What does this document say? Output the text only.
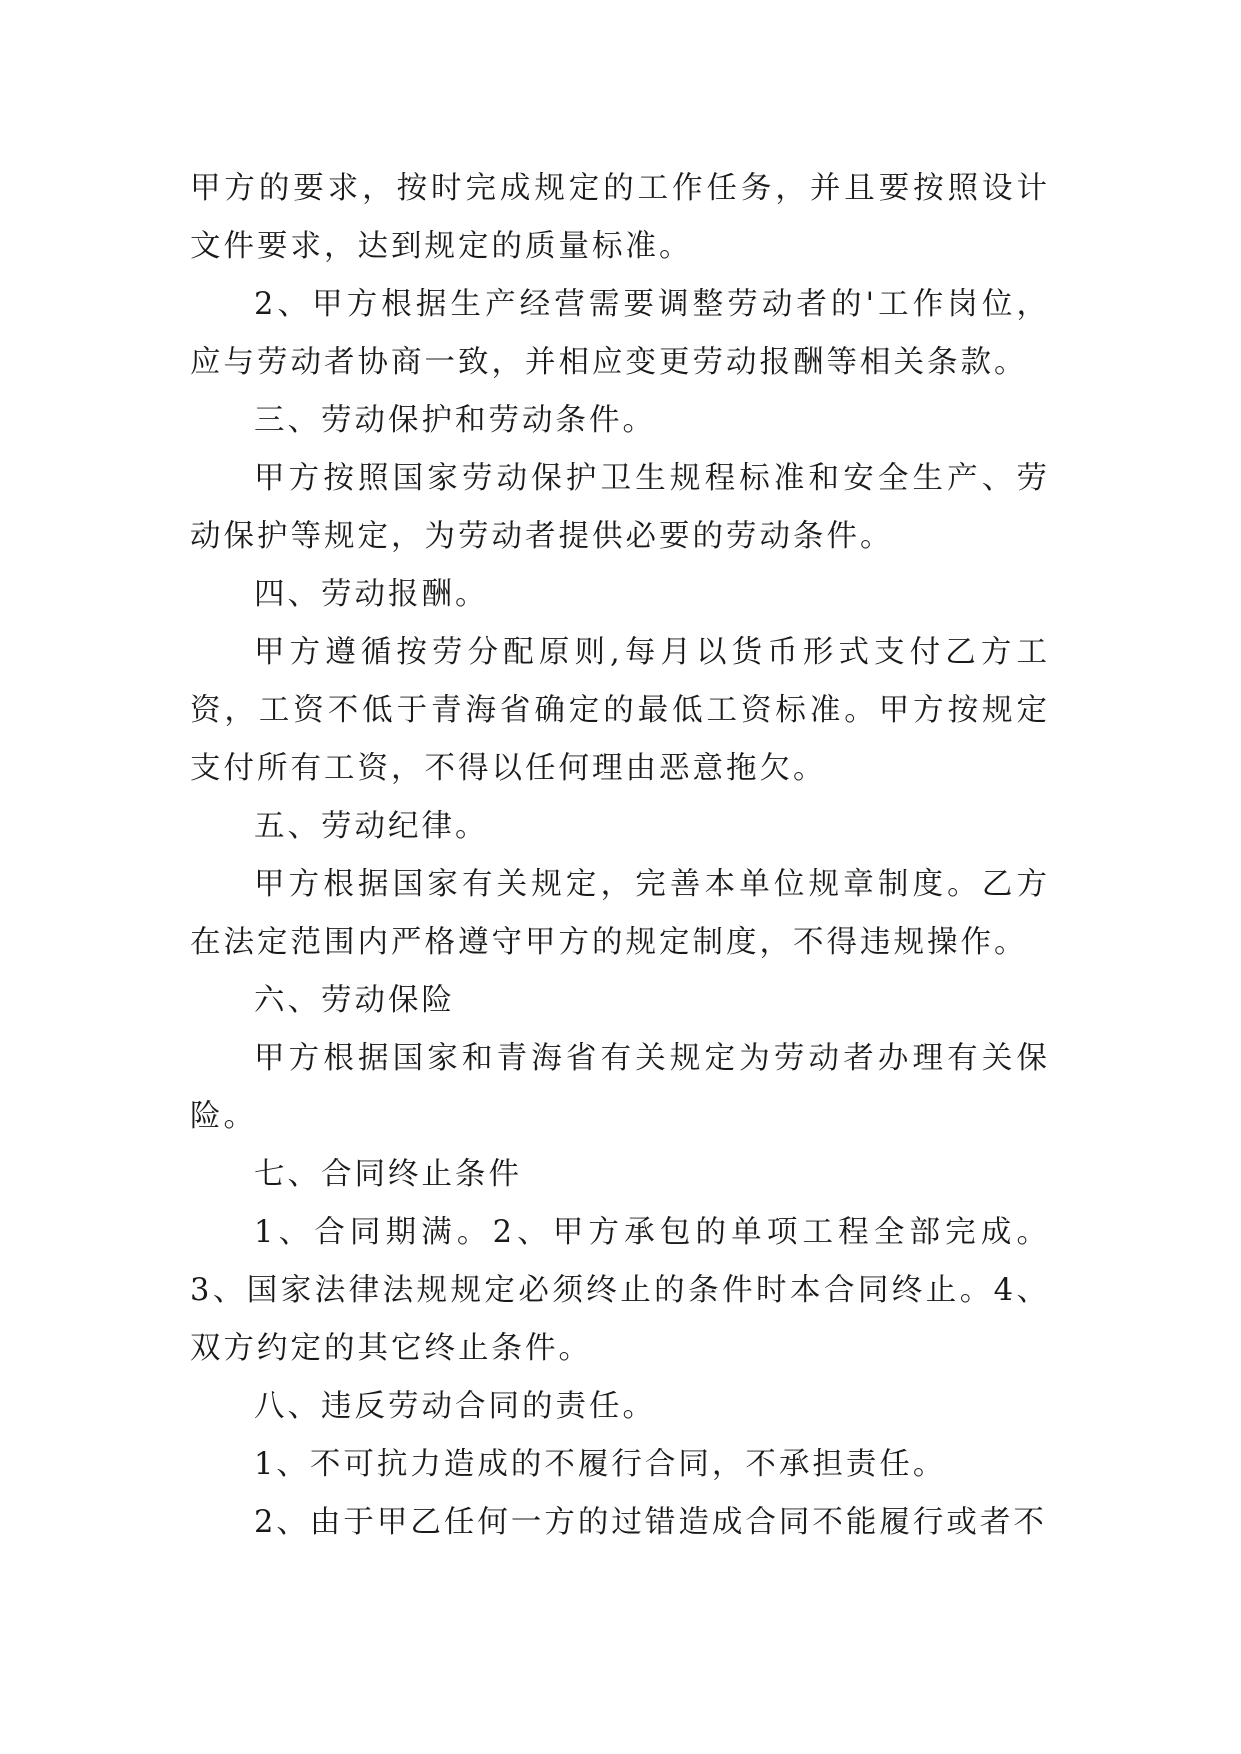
甲方的要求，按时完成规定的工作任务，并且要按照设计文件要求，达到规定的质量标准。

2、甲方根据生产经营需要调整劳动者的'工作岗位，应与劳动者协商一致，并相应变更劳动报酬等相关条款。

三、劳动保护和劳动条件。

甲方按照国家劳动保护卫生规程标准和安全生产、劳动保护等规定，为劳动者提供必要的劳动条件。

四、劳动报酬。

甲方遵循按劳分配原则,每月以货币形式支付乙方工资，工资不低于青海省确定的最低工资标准。甲方按规定支付所有工资，不得以任何理由恶意拖欠。

五、劳动纪律。

甲方根据国家有关规定，完善本单位规章制度。乙方在法定范围内严格遵守甲方的规定制度，不得违规操作。

六、劳动保险

甲方根据国家和青海省有关规定为劳动者办理有关保险。

七、合同终止条件

1、合同期满。2、甲方承包的单项工程全部完成。3、国家法律法规规定必须终止的条件时本合同终止。4、双方约定的其它终止条件。

八、违反劳动合同的责任。

1、不可抗力造成的不履行合同，不承担责任。

2、由于甲乙任何一方的过错造成合同不能履行或者不
